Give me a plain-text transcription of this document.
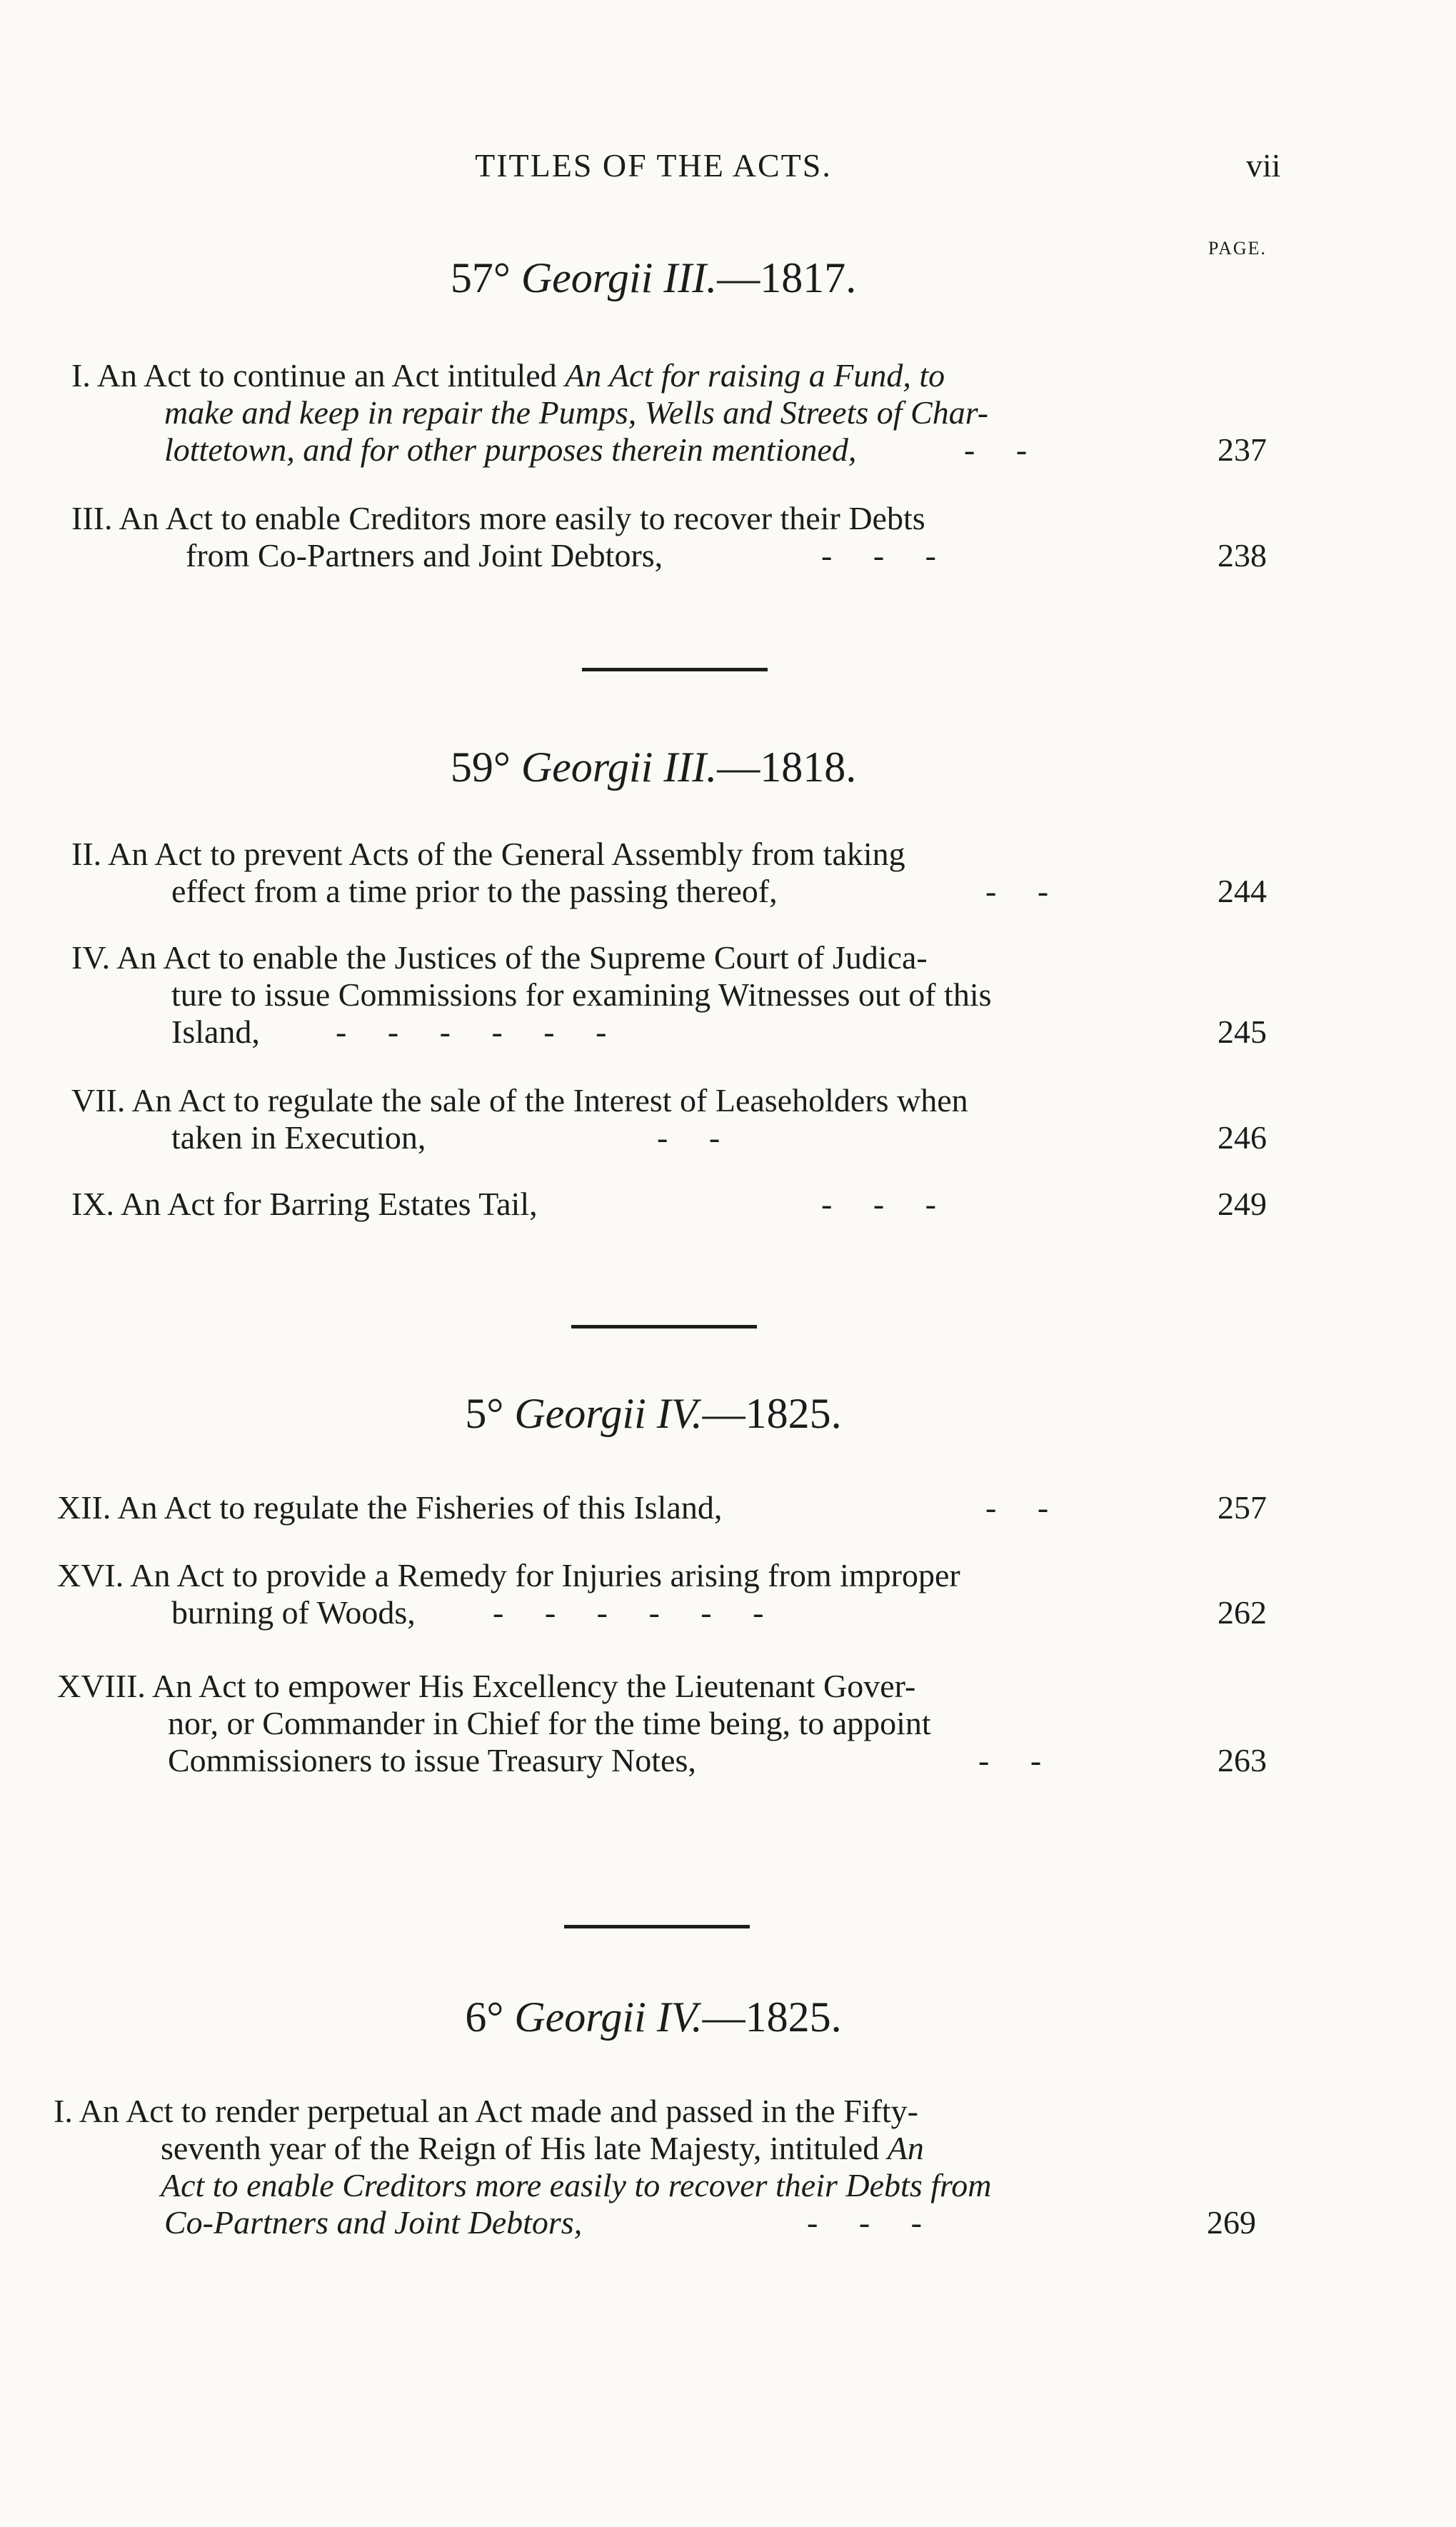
TITLES OF THE ACTS.	vii
PAGE.
57° Georgii III.—1817.
I. An Act to continue an Act intituled An Act for raising a Fund, to
make and keep in repair the Pumps, Wells and Streets of Char-
lottetown, and for other purposes therein mentioned,	-     -	237
III. An Act to enable Creditors more easily to recover their Debts
from Co-Partners and Joint Debtors,	-     -     -	238
59° Georgii III.—1818.
II. An Act to prevent Acts of the General Assembly from taking
effect from a time prior to the passing thereof,	-     -	244
IV. An Act to enable the Justices of the Supreme Court of Judica-
ture to issue Commissions for examining Witnesses out of this
Island, -     -     -     -     -     -	245
VII. An Act to regulate the sale of the Interest of Leaseholders when
taken in Execution,	-     -	246
IX. An Act for Barring Estates Tail,	-     -     -	249
5° Georgii IV.—1825.
XII. An Act to regulate the Fisheries of this Island,	-     -	257
XVI. An Act to provide a Remedy for Injuries arising from improper
burning of Woods, -     -     -     -     -     -	262
XVIII. An Act to empower His Excellency the Lieutenant Gover-
nor, or Commander in Chief for the time being, to appoint
Commissioners to issue Treasury Notes,	-     -	263
6° Georgii IV.—1825.
I. An Act to render perpetual an Act made and passed in the Fifty-
seventh year of the Reign of His late Majesty, intituled An
Act to enable Creditors more easily to recover their Debts from
Co-Partners and Joint Debtors,	-     -     -	269
